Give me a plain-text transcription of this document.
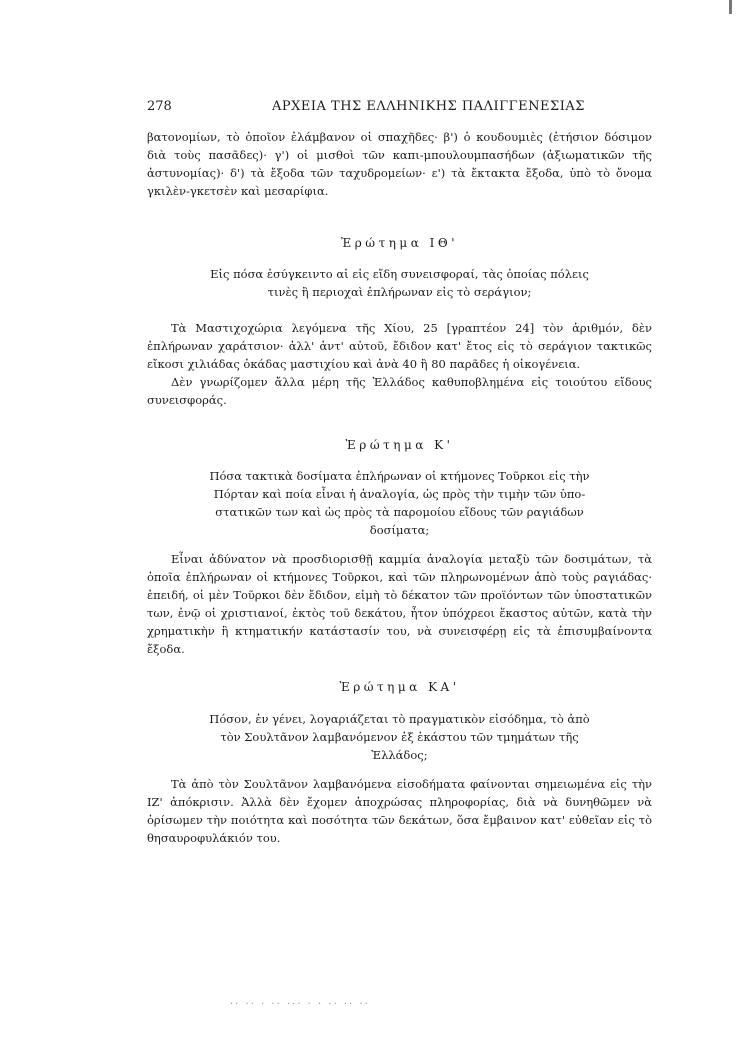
278	ΑΡΧΕΙΑ ΤΗΣ ΕΛΛΗΝΙΚΗΣ ΠΑΛΙΓΓΕΝΕΣΙΑΣ

βατονομίων, τὸ ὁποῖον ἐλάμβανον οἱ σπαχῆδες· β') ὁ κουδουμιὲς (ἐτήσιον δόσιμον διὰ τοὺς πασᾶδες)· γ') οἱ μισθοὶ τῶν καπι-μπουλουμπασήδων (ἀξιωματικῶν τῆς ἀστυνομίας)· δ') τὰ ἔξοδα τῶν ταχυδρομείων· ε') τὰ ἔκτακτα ἔξοδα, ὑπὸ τὸ ὄνομα γκιλὲν-γκετσὲν καὶ μεσαρίφια.

Ἐρώτημα ΙΘ'
Εἰς πόσα ἐσύγκειντο αἱ εἰς εἴδη συνεισφοραί, τὰς ὁποίας πόλεις
τινὲς ἢ περιοχαὶ ἐπλήρωναν εἰς τὸ σεράγιον;

Τὰ Μαστιχοχώρια λεγόμενα τῆς Χίου, 25 [γραπτέον 24] τὸν ἀριθμόν, δὲν ἐπλήρωναν χαράτσιον· ἀλλ' ἀντ' αὐτοῦ, ἔδιδον κατ' ἔτος εἰς τὸ σεράγιον τακτικῶς εἴκοσι χιλιάδας ὀκάδας μαστιχίου καὶ ἀνὰ 40 ἢ 80 παρᾶδες ἡ οἰκογένεια.

Δὲν γνωρίζομεν ἄλλα μέρη τῆς Ἑλλάδος καθυποβλημένα εἰς τοιούτου εἴδους συνεισφοράς.

Ἐρώτημα Κ'
Πόσα τακτικὰ δοσίματα ἐπλήρωναν οἱ κτήμονες Τοῦρκοι εἰς τὴν
Πόρταν καὶ ποία εἶναι ἡ ἀναλογία, ὡς πρὸς τὴν τιμὴν τῶν ὑπο-
στατικῶν των καὶ ὡς πρὸς τὰ παρομοίου εἴδους τῶν ραγιάδων
δοσίματα;

Εἶναι ἀδύνατον νὰ προσδιορισθῇ καμμία ἀναλογία μεταξὺ τῶν δοσιμάτων, τὰ ὁποῖα ἐπλήρωναν οἱ κτήμονες Τοῦρκοι, καὶ τῶν πληρωνομένων ἀπὸ τοὺς ραγιάδας· ἐπειδή, οἱ μὲν Τοῦρκοι δὲν ἔδιδον, εἰμὴ τὸ δέκατον τῶν προϊόντων τῶν ὑποστατικῶν των, ἐνῷ οἱ χριστιανοί, ἐκτὸς τοῦ δεκάτου, ἦτον ὑπόχρεοι ἕκαστος αὐτῶν, κατὰ τὴν χρηματικὴν ἢ κτηματικήν κατάστασίν του, νὰ συνεισφέρῃ εἰς τὰ ἐπισυμβαίνοντα ἔξοδα.

Ἐρώτημα ΚΑ'
Πόσον, ἐν γένει, λογαριάζεται τὸ πραγματικὸν εἰσόδημα, τὸ ἀπὸ
τὸν Σουλτᾶνον λαμβανόμενον ἐξ ἑκάστου τῶν τμημάτων τῆς
Ἑλλάδος;

Τὰ ἀπὸ τὸν Σουλτᾶνον λαμβανόμενα εἰσοδήματα φαίνονται σημειωμένα εἰς τὴν ΙΖ' ἀπόκρισιν. Ἀλλὰ δὲν ἔχομεν ἀποχρώσας πληροφορίας, διὰ νὰ δυνηθῶμεν νὰ ὁρίσωμεν τὴν ποιότητα καὶ ποσότητα τῶν δεκάτων, ὅσα ἔμβαινον κατ' εὐθεῖαν εἰς τὸ θησαυροφυλάκιόν του.

·· ·· · ·· ··· · · ·· ·· ··
